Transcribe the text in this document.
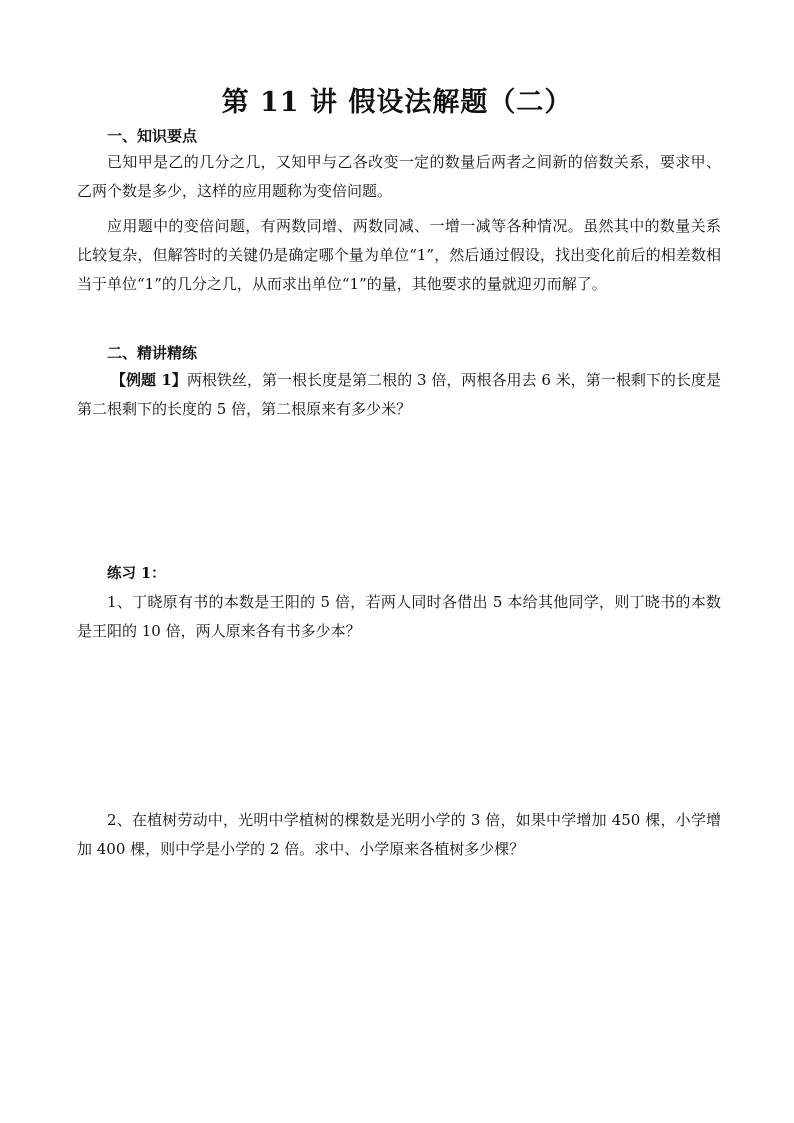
第 11 讲 假设法解题（二）
一、知识要点
已知甲是乙的几分之几，又知甲与乙各改变一定的数量后两者之间新的倍数关系，要求甲、乙两个数是多少，这样的应用题称为变倍问题。
应用题中的变倍问题，有两数同增、两数同减、一增一减等各种情况。虽然其中的数量关系比较复杂，但解答时的关键仍是确定哪个量为单位“1”，然后通过假设，找出变化前后的相差数相当于单位“1”的几分之几，从而求出单位“1”的量，其他要求的量就迎刃而解了。
二、精讲精练
【例题 1】两根铁丝，第一根长度是第二根的 3 倍，两根各用去 6 米，第一根剩下的长度是第二根剩下的长度的 5 倍，第二根原来有多少米？
练习 1：
1、丁晓原有书的本数是王阳的 5 倍，若两人同时各借出 5 本给其他同学，则丁晓书的本数是王阳的 10 倍，两人原来各有书多少本？
2、在植树劳动中，光明中学植树的棵数是光明小学的 3 倍，如果中学增加 450 棵，小学增加 400 棵，则中学是小学的 2 倍。求中、小学原来各植树多少棵？
